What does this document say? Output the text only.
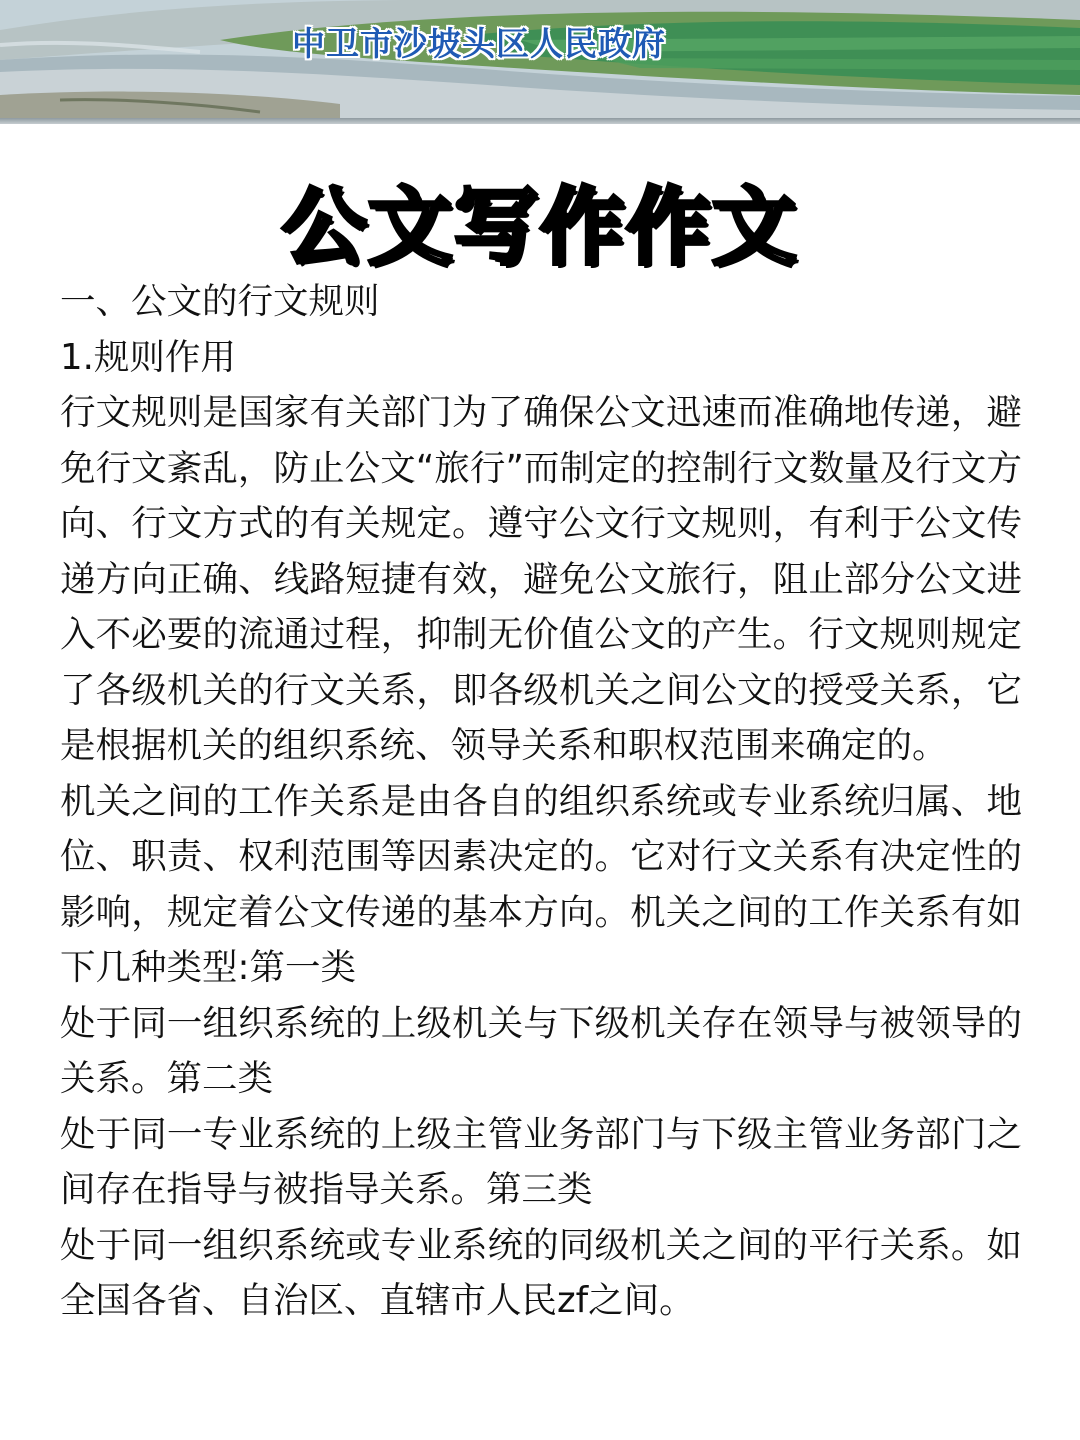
中卫市沙坡头区人民政府
公文写作作文

一、公文的行文规则

1.规则作用

行文规则是国家有关部门为了确保公文迅速而准确地传递，避免行文紊乱，防止公文“旅行”而制定的控制行文数量及行文方向、行文方式的有关规定。遵守公文行文规则，有利于公文传递方向正确、线路短捷有效，避免公文旅行，阻止部分公文进入不必要的流通过程，抑制无价值公文的产生。行文规则规定了各级机关的行文关系，即各级机关之间公文的授受关系，它是根据机关的组织系统、领导关系和职权范围来确定的。

机关之间的工作关系是由各自的组织系统或专业系统归属、地位、职责、权利范围等因素决定的。它对行文关系有决定性的影响，规定着公文传递的基本方向。机关之间的工作关系有如下几种类型:第一类

处于同一组织系统的上级机关与下级机关存在领导与被领导的关系。第二类

处于同一专业系统的上级主管业务部门与下级主管业务部门之间存在指导与被指导关系。第三类

处于同一组织系统或专业系统的同级机关之间的平行关系。如全国各省、自治区、直辖市人民zf之间。
